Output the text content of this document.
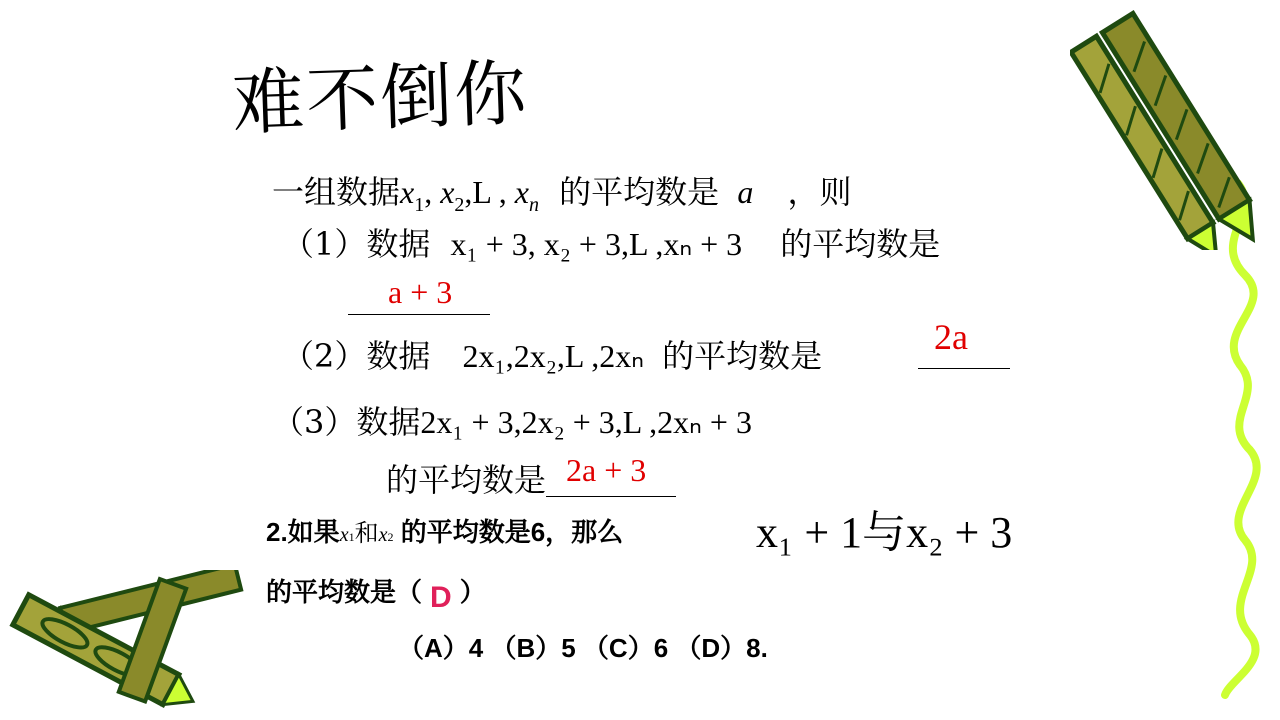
难不倒你
一组数据$x_1$, $x_2,L$ , $x_n$ 的平均数是 a ，则
（1）数据 x₁ + 3, x₂ + 3,L ,xₙ + 3 的平均数是
a + 3
（2）数据 2x₁,2x₂,L ,2xₙ 的平均数是	2a
（3）数据2x₁ + 3,2x₂ + 3,L ,2xₙ + 3
的平均数是 2a + 3
2.如果x1和x2 的平均数是6，那么	x₁ + 1与x₂ + 3
的平均数是（ D ）
（A）4 （B）5 （C）6 （D）8.
